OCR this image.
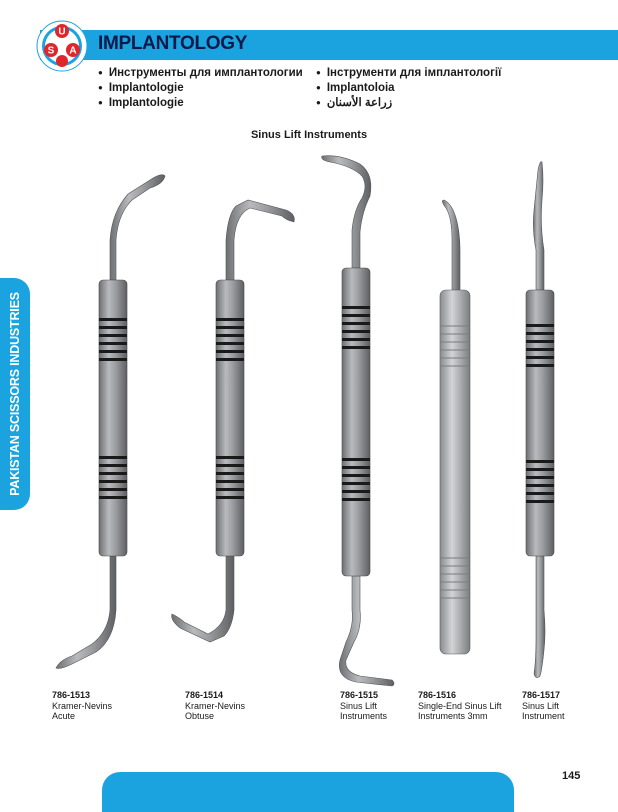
U
S A IMPLANTOLOGY
● Инструменты для имплантологии
● Implantologie
● Implantologie
● Інструменти для імплантології
● Implantoloia
● زراعة الأسنان
PAKISTAN SCISSORS INDUSTRIES
Sinus Lift Instruments
786-1513
Kramer-Nevins
Acute
786-1514
Kramer-Nevins
Obtuse
786-1515
Sinus Lift
Instruments
786-1516
Single-End Sinus Lift
Instruments 3mm
786-1517
Sinus Lift
Instrument
145
